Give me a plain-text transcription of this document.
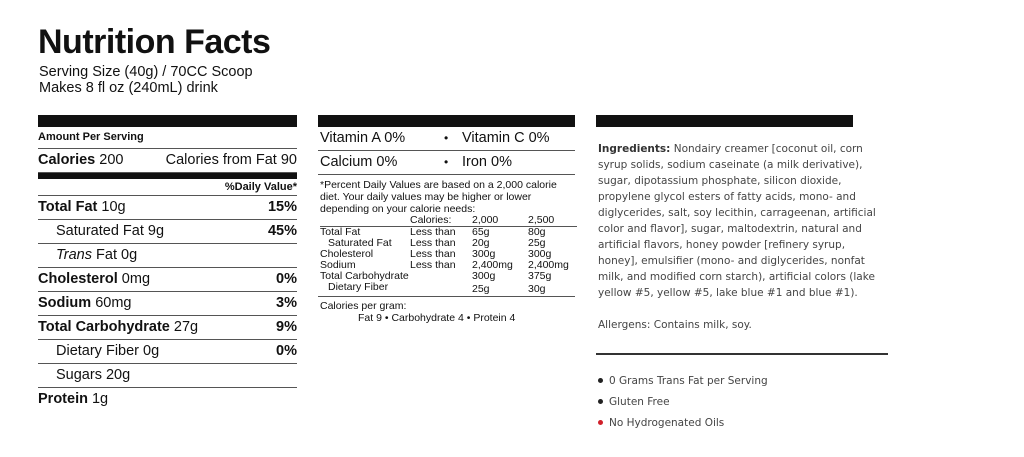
Nutrition Facts
Serving Size (40g) / 70CC Scoop
Makes 8 fl oz (240mL) drink
Amount Per Serving
Calories 200	Calories from Fat 90
%Daily Value*
Total Fat 10g	15%
Saturated Fat 9g	45%
Trans Fat 0g
Cholesterol 0mg	0%
Sodium 60mg	3%
Total Carbohydrate 27g	9%
Dietary Fiber 0g	0%
Sugars 20g
Protein 1g
Vitamin A 0%	• Vitamin C 0%
Calcium 0%	• Iron 0%
*Percent Daily Values are based on a 2,000 calorie diet. Your daily values may be higher or lower depending on your calorie needs:
	Calories:	2,000	2,500
Total Fat	Less than	65g	80g
Saturated Fat	Less than	20g	25g
Cholesterol	Less than	300g	300g
Sodium	Less than	2,400mg	2,400mg
Total Carbohydrate		300g	375g
Dietary Fiber		25g	30g
Calories per gram:
Fat 9 • Carbohydrate 4 • Protein 4
Ingredients: Nondairy creamer [coconut oil, corn syrup solids, sodium caseinate (a milk derivative), sugar, dipotassium phosphate, silicon dioxide, propylene glycol esters of fatty acids, mono- and diglycerides, salt, soy lecithin, carrageenan, artificial color and flavor], sugar, maltodextrin, natural and artificial flavors, honey powder [refinery syrup, honey], emulsifier (mono- and diglycerides, nonfat milk, and modified corn starch), artificial colors (lake yellow #5, yellow #5, lake blue #1 and blue #1).
Allergens: Contains milk, soy.
0 Grams Trans Fat per Serving
Gluten Free
No Hydrogenated Oils
